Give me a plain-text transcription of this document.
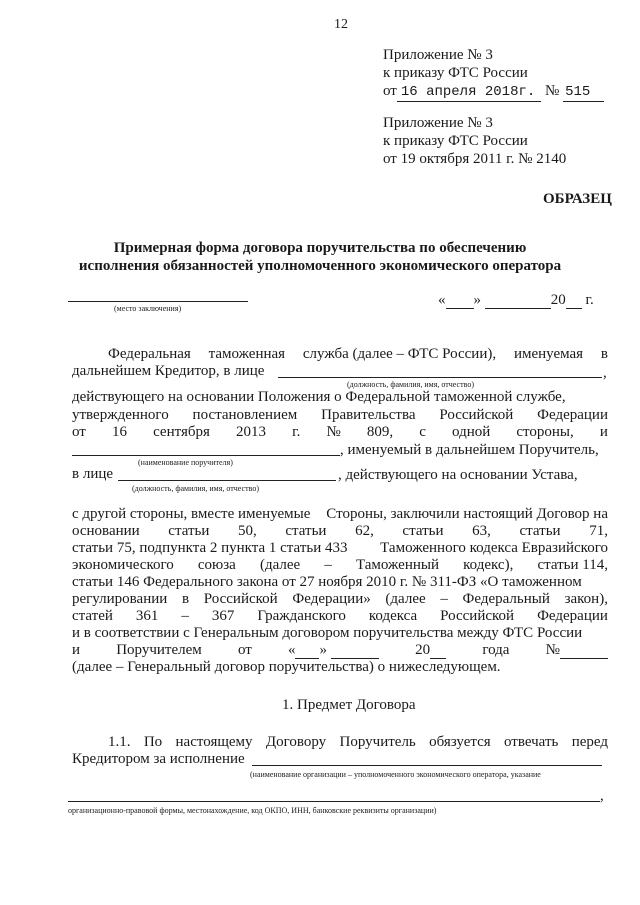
12
Приложение № 3
к приказу ФТС России
от 16 апреля 2018г. № 515
Приложение № 3
к приказу ФТС России
от 19 октября 2011 г. № 2140
ОБРАЗЕЦ
Примерная форма договора поручительства по обеспечению
исполнения обязанностей уполномоченного экономического оператора
(место заключения)
« »	20 г.
Федеральная таможенная служба (далее – ФТС России), именуемая в
дальнейшем Кредитор, в лице	,
(должность, фамилия, имя, отчество)
действующего на основании Положения о Федеральной таможенной службе,
утвержденного постановлением Правительства Российской Федерации
от 16 сентября 2013 г. № 809, с одной стороны, и
, именуемый в дальнейшем Поручитель,
(наименование поручителя)
в лице	, действующего на основании Устава,
(должность, фамилия, имя, отчество)
с другой стороны, вместе именуемые Стороны, заключили настоящий Договор на
основании статьи 50, статьи 62, статьи 63, статьи 71,
статьи 75, подпункта 2 пункта 1 статьи 433 Таможенного кодекса Евразийского
экономического союза (далее – Таможенный кодекс), статьи 114,
статьи 146 Федерального закона от 27 ноября 2010 г. № 311-ФЗ «О таможенном
регулировании в Российской Федерации» (далее – Федеральный закон),
статей 361 – 367 Гражданского кодекса Российской Федерации
и в соответствии с Генеральным договором поручительства между ФТС России
и Поручителем от « »	20	года №
(далее – Генеральный договор поручительства) о нижеследующем.
1. Предмет Договора
1.1. По настоящему Договору Поручитель обязуется отвечать перед
Кредитором за исполнение
(наименование организации – уполномоченного экономического оператора, указание
,
организационно-правовой формы, местонахождение, код ОКПО, ИНН, банковские реквизиты организации)
